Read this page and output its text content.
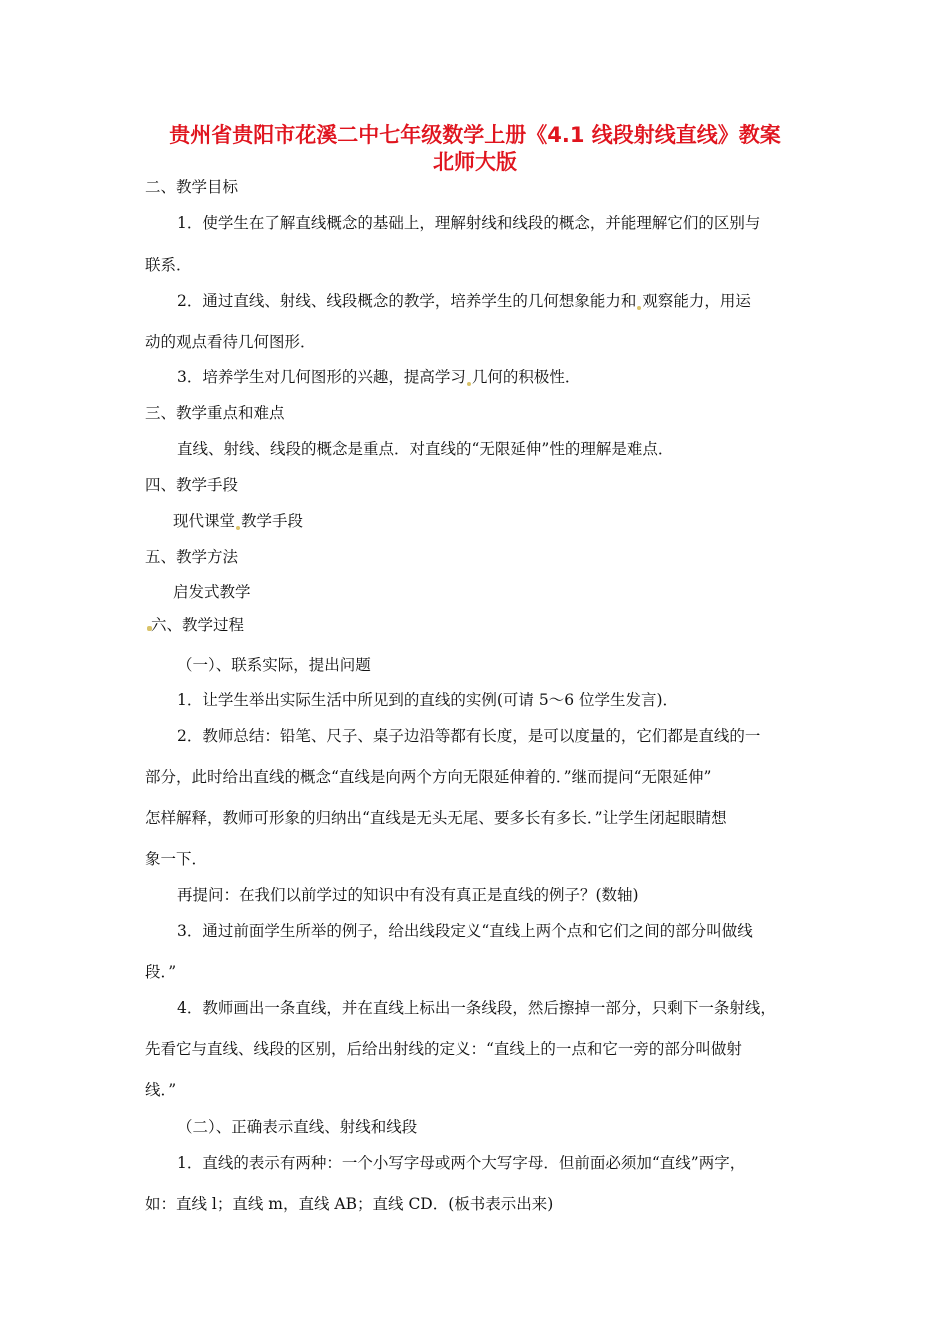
贵州省贵阳市花溪二中七年级数学上册《4.1 线段射线直线》教案
北师大版
二、教学目标
1．使学生在了解直线概念的基础上，理解射线和线段的概念，并能理解它们的区别与
联系．
2．通过直线、射线、线段概念的教学，培养学生的几何想象能力和 观察能力，用运
动的观点看待几何图形．
3．培养学生对几何图形的兴趣，提高学习 几何的积极性．
三、教学重点和难点
直线、射线、线段的概念是重点．对直线的“无限延伸”性的理解是难点．
四、教学手段
现代课堂 教学手段
五、教学方法
启发式教学
六、教学过程
（一）、联系实际，提出问题
1．让学生举出实际生活中所见到的直线的实例(可请 5～6 位学生发言)．
2．教师总结：铅笔、尺子、桌子边沿等都有长度，是可以度量的，它们都是直线的一
部分，此时给出直线的概念“直线是向两个方向无限延伸着的．”继而提问“无限延伸”
怎样解释，教师可形象的归纳出“直线是无头无尾、要多长有多长．”让学生闭起眼睛想
象一下．
再提问：在我们以前学过的知识中有没有真正是直线的例子？(数轴)
3．通过前面学生所举的例子，给出线段定义“直线上两个点和它们之间的部分叫做线
段．”
4．教师画出一条直线，并在直线上标出一条线段，然后擦掉一部分，只剩下一条射线，
先看它与直线、线段的区别，后给出射线的定义：“直线上的一点和它一旁的部分叫做射
线．”
（二）、正确表示直线、射线和线段
1．直线的表示有两种：一个小写字母或两个大写字母．但前面必须加“直线”两字，
如：直线 l；直线 m，直线 AB；直线 CD．(板书表示出来)
